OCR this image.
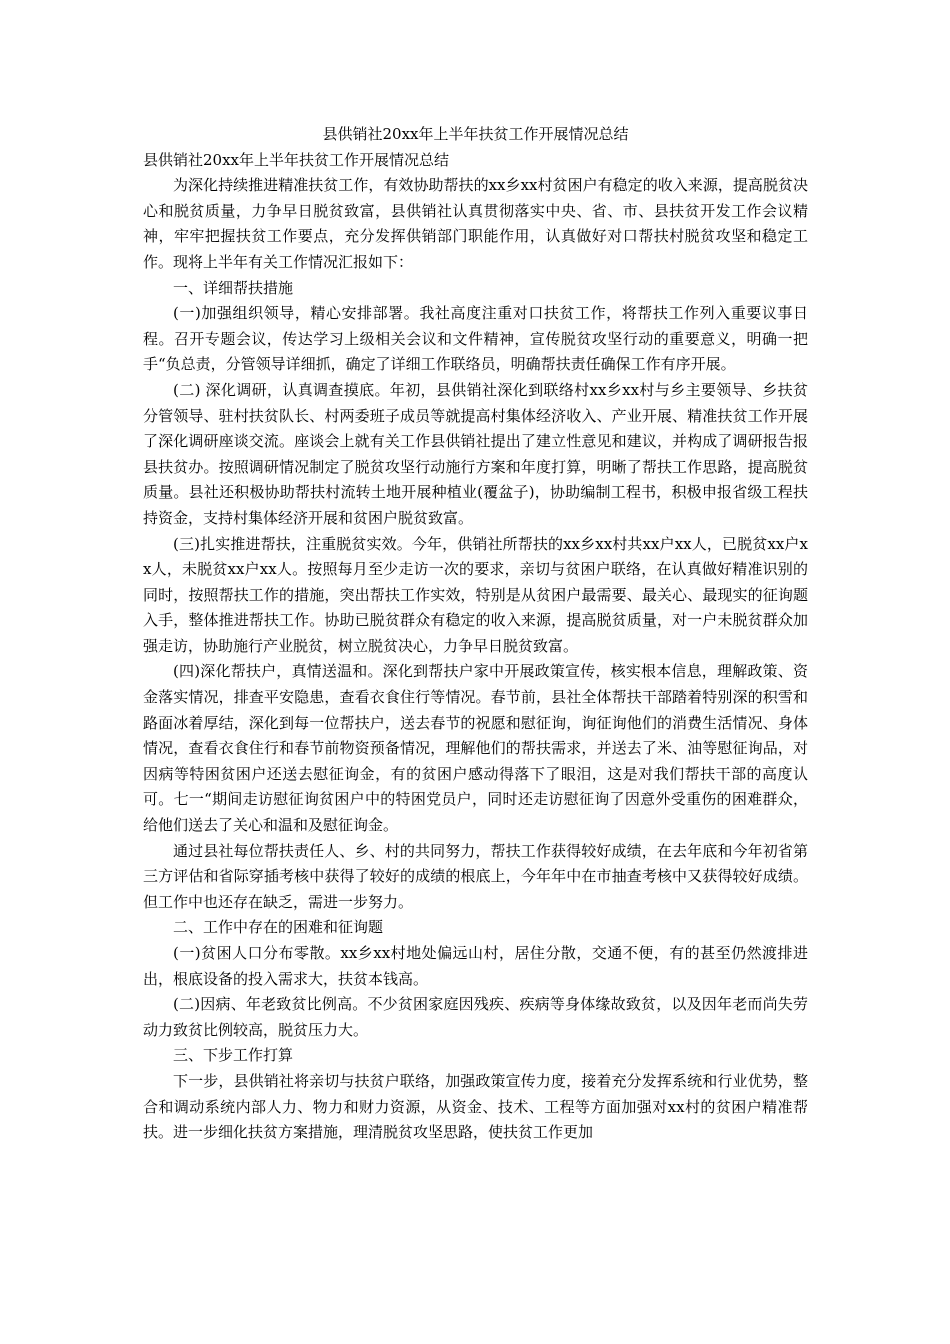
县供销社20xx年上半年扶贫工作开展情况总结
县供销社20xx年上半年扶贫工作开展情况总结

为深化持续推进精准扶贫工作，有效协助帮扶的xx乡xx村贫困户有稳定的收入来源，提高脱贫决心和脱贫质量，力争早日脱贫致富，县供销社认真贯彻落实中央、省、市、县扶贫开发工作会议精神，牢牢把握扶贫工作要点，充分发挥供销部门职能作用，认真做好对口帮扶村脱贫攻坚和稳定工作。现将上半年有关工作情况汇报如下：

一、详细帮扶措施

(一)加强组织领导，精心安排部署。我社高度注重对口扶贫工作，将帮扶工作列入重要议事日程。召开专题会议，传达学习上级相关会议和文件精神，宣传脱贫攻坚行动的重要意义，明确一把手“负总责，分管领导详细抓，确定了详细工作联络员，明确帮扶责任确保工作有序开展。

(二) 深化调研，认真调查摸底。年初，县供销社深化到联络村xx乡xx村与乡主要领导、乡扶贫分管领导、驻村扶贫队长、村两委班子成员等就提高村集体经济收入、产业开展、精准扶贫工作开展了深化调研座谈交流。座谈会上就有关工作县供销社提出了建立性意见和建议，并构成了调研报告报县扶贫办。按照调研情况制定了脱贫攻坚行动施行方案和年度打算，明晰了帮扶工作思路，提高脱贫质量。县社还积极协助帮扶村流转土地开展种植业(覆盆子)，协助编制工程书，积极申报省级工程扶持资金，支持村集体经济开展和贫困户脱贫致富。

(三)扎实推进帮扶，注重脱贫实效。今年，供销社所帮扶的xx乡xx村共xx户xx人，已脱贫xx户xx人，未脱贫xx户xx人。按照每月至少走访一次的要求，亲切与贫困户联络，在认真做好精准识别的同时，按照帮扶工作的措施，突出帮扶工作实效，特别是从贫困户最需要、最关心、最现实的征询题入手，整体推进帮扶工作。协助已脱贫群众有稳定的收入来源，提高脱贫质量，对一户未脱贫群众加强走访，协助施行产业脱贫，树立脱贫决心，力争早日脱贫致富。

(四)深化帮扶户，真情送温和。深化到帮扶户家中开展政策宣传，核实根本信息，理解政策、资金落实情况，排查平安隐患，查看衣食住行等情况。春节前，县社全体帮扶干部踏着特别深的积雪和路面冰着厚结，深化到每一位帮扶户，送去春节的祝愿和慰征询，询征询他们的消费生活情况、身体情况，查看衣食住行和春节前物资预备情况，理解他们的帮扶需求，并送去了米、油等慰征询品，对因病等特困贫困户还送去慰征询金，有的贫困户感动得落下了眼泪，这是对我们帮扶干部的高度认可。七一“期间走访慰征询贫困户中的特困党员户，同时还走访慰征询了因意外受重伤的困难群众，给他们送去了关心和温和及慰征询金。

通过县社每位帮扶责任人、乡、村的共同努力，帮扶工作获得较好成绩，在去年底和今年初省第三方评估和省际穿插考核中获得了较好的成绩的根底上，今年年中在市抽查考核中又获得较好成绩。但工作中也还存在缺乏，需进一步努力。

二、工作中存在的困难和征询题

(一)贫困人口分布零散。xx乡xx村地处偏远山村，居住分散，交通不便，有的甚至仍然渡排进出，根底设备的投入需求大，扶贫本钱高。

(二)因病、年老致贫比例高。不少贫困家庭因残疾、疾病等身体缘故致贫，以及因年老而尚失劳动力致贫比例较高，脱贫压力大。

三、下步工作打算

下一步，县供销社将亲切与扶贫户联络，加强政策宣传力度，接着充分发挥系统和行业优势，整合和调动系统内部人力、物力和财力资源，从资金、技术、工程等方面加强对xx村的贫困户精准帮扶。进一步细化扶贫方案措施，理清脱贫攻坚思路，使扶贫工作更加
